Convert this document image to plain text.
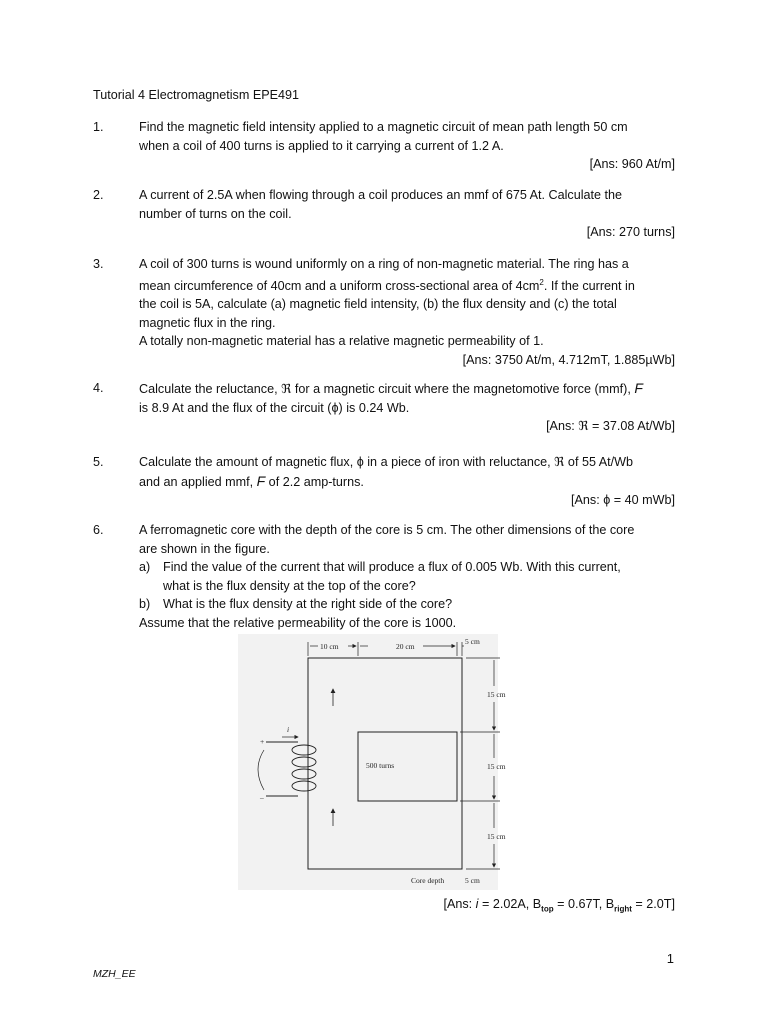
Tutorial 4 Electromagnetism EPE491
1.	Find the magnetic field intensity applied to a magnetic circuit of mean path length 50 cm
when a coil of 400 turns is applied to it carrying a current of 1.2 A.
[Ans: 960 At/m]
2.	A current of 2.5A when flowing through a coil produces an mmf of 675 At. Calculate the
number of turns on the coil.
[Ans: 270 turns]
3.	A coil of 300 turns is wound uniformly on a ring of non-magnetic material. The ring has a
mean circumference of 40cm and a uniform cross-sectional area of $4cm^2$. If the current in
the coil is 5A, calculate (a) magnetic field intensity, (b) the flux density and (c) the total
magnetic flux in the ring.
A totally non-magnetic material has a relative magnetic permeability of 1.
[Ans: 3750 At/m, 4.712mT, 1.885µWb]
4.	Calculate the reluctance, ℜ for a magnetic circuit where the magnetomotive force (mmf), F
is 8.9 At and the flux of the circuit (ϕ) is 0.24 Wb.
[Ans: ℜ = 37.08 At/Wb]
5.	Calculate the amount of magnetic flux, ϕ in a piece of iron with reluctance, ℜ of 55 At/Wb
and an applied mmf, F of 2.2 amp-turns.
[Ans: ϕ = 40 mWb]
6.	A ferromagnetic core with the depth of the core is 5 cm. The other dimensions of the core
are shown in the figure.
a) Find the value of the current that will produce a flux of 0.005 Wb. With this current,
what is the flux density at the top of the core?
b) What is the flux density at the right side of the core?
Assume that the relative permeability of the core is 1000.
10 cm	20 cm
5 cm
15 cm
15 cm
15 cm
i
+
–
500 turns
Core depth	5 cm
[Ans: i = 2.02A, $B_{top} = 0.67T$, $B_{right} = 2.0T$]
1
MZH_EE
